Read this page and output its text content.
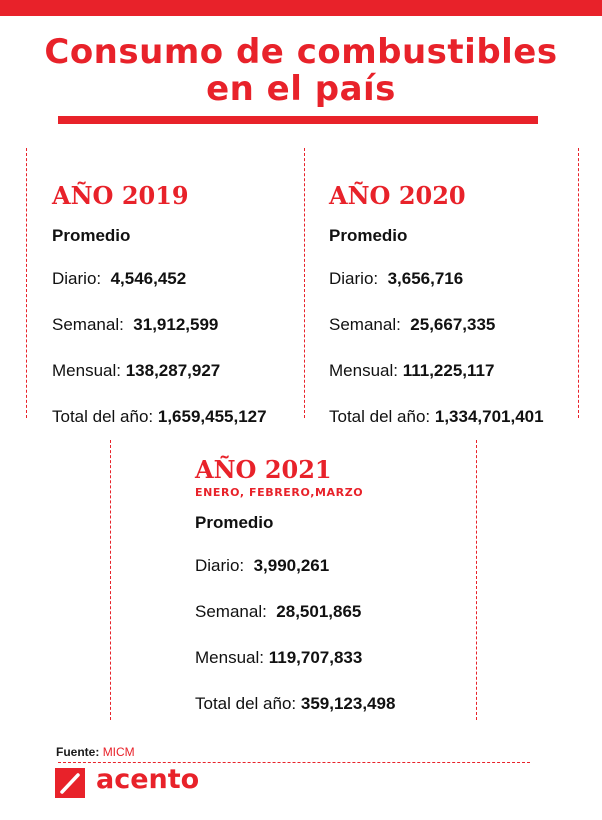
Consumo de combustibles
en el país
AÑO 2019
Promedio
Diario: 4,546,452
Semanal: 31,912,599
Mensual: 138,287,927
Total del año: 1,659,455,127
AÑO 2020
Promedio
Diario: 3,656,716
Semanal: 25,667,335
Mensual: 111,225,117
Total del año: 1,334,701,401
AÑO 2021
ENERO, FEBRERO,MARZO
Promedio
Diario: 3,990,261
Semanal: 28,501,865
Mensual: 119,707,833
Total del año: 359,123,498
Fuente: MICM
acento
